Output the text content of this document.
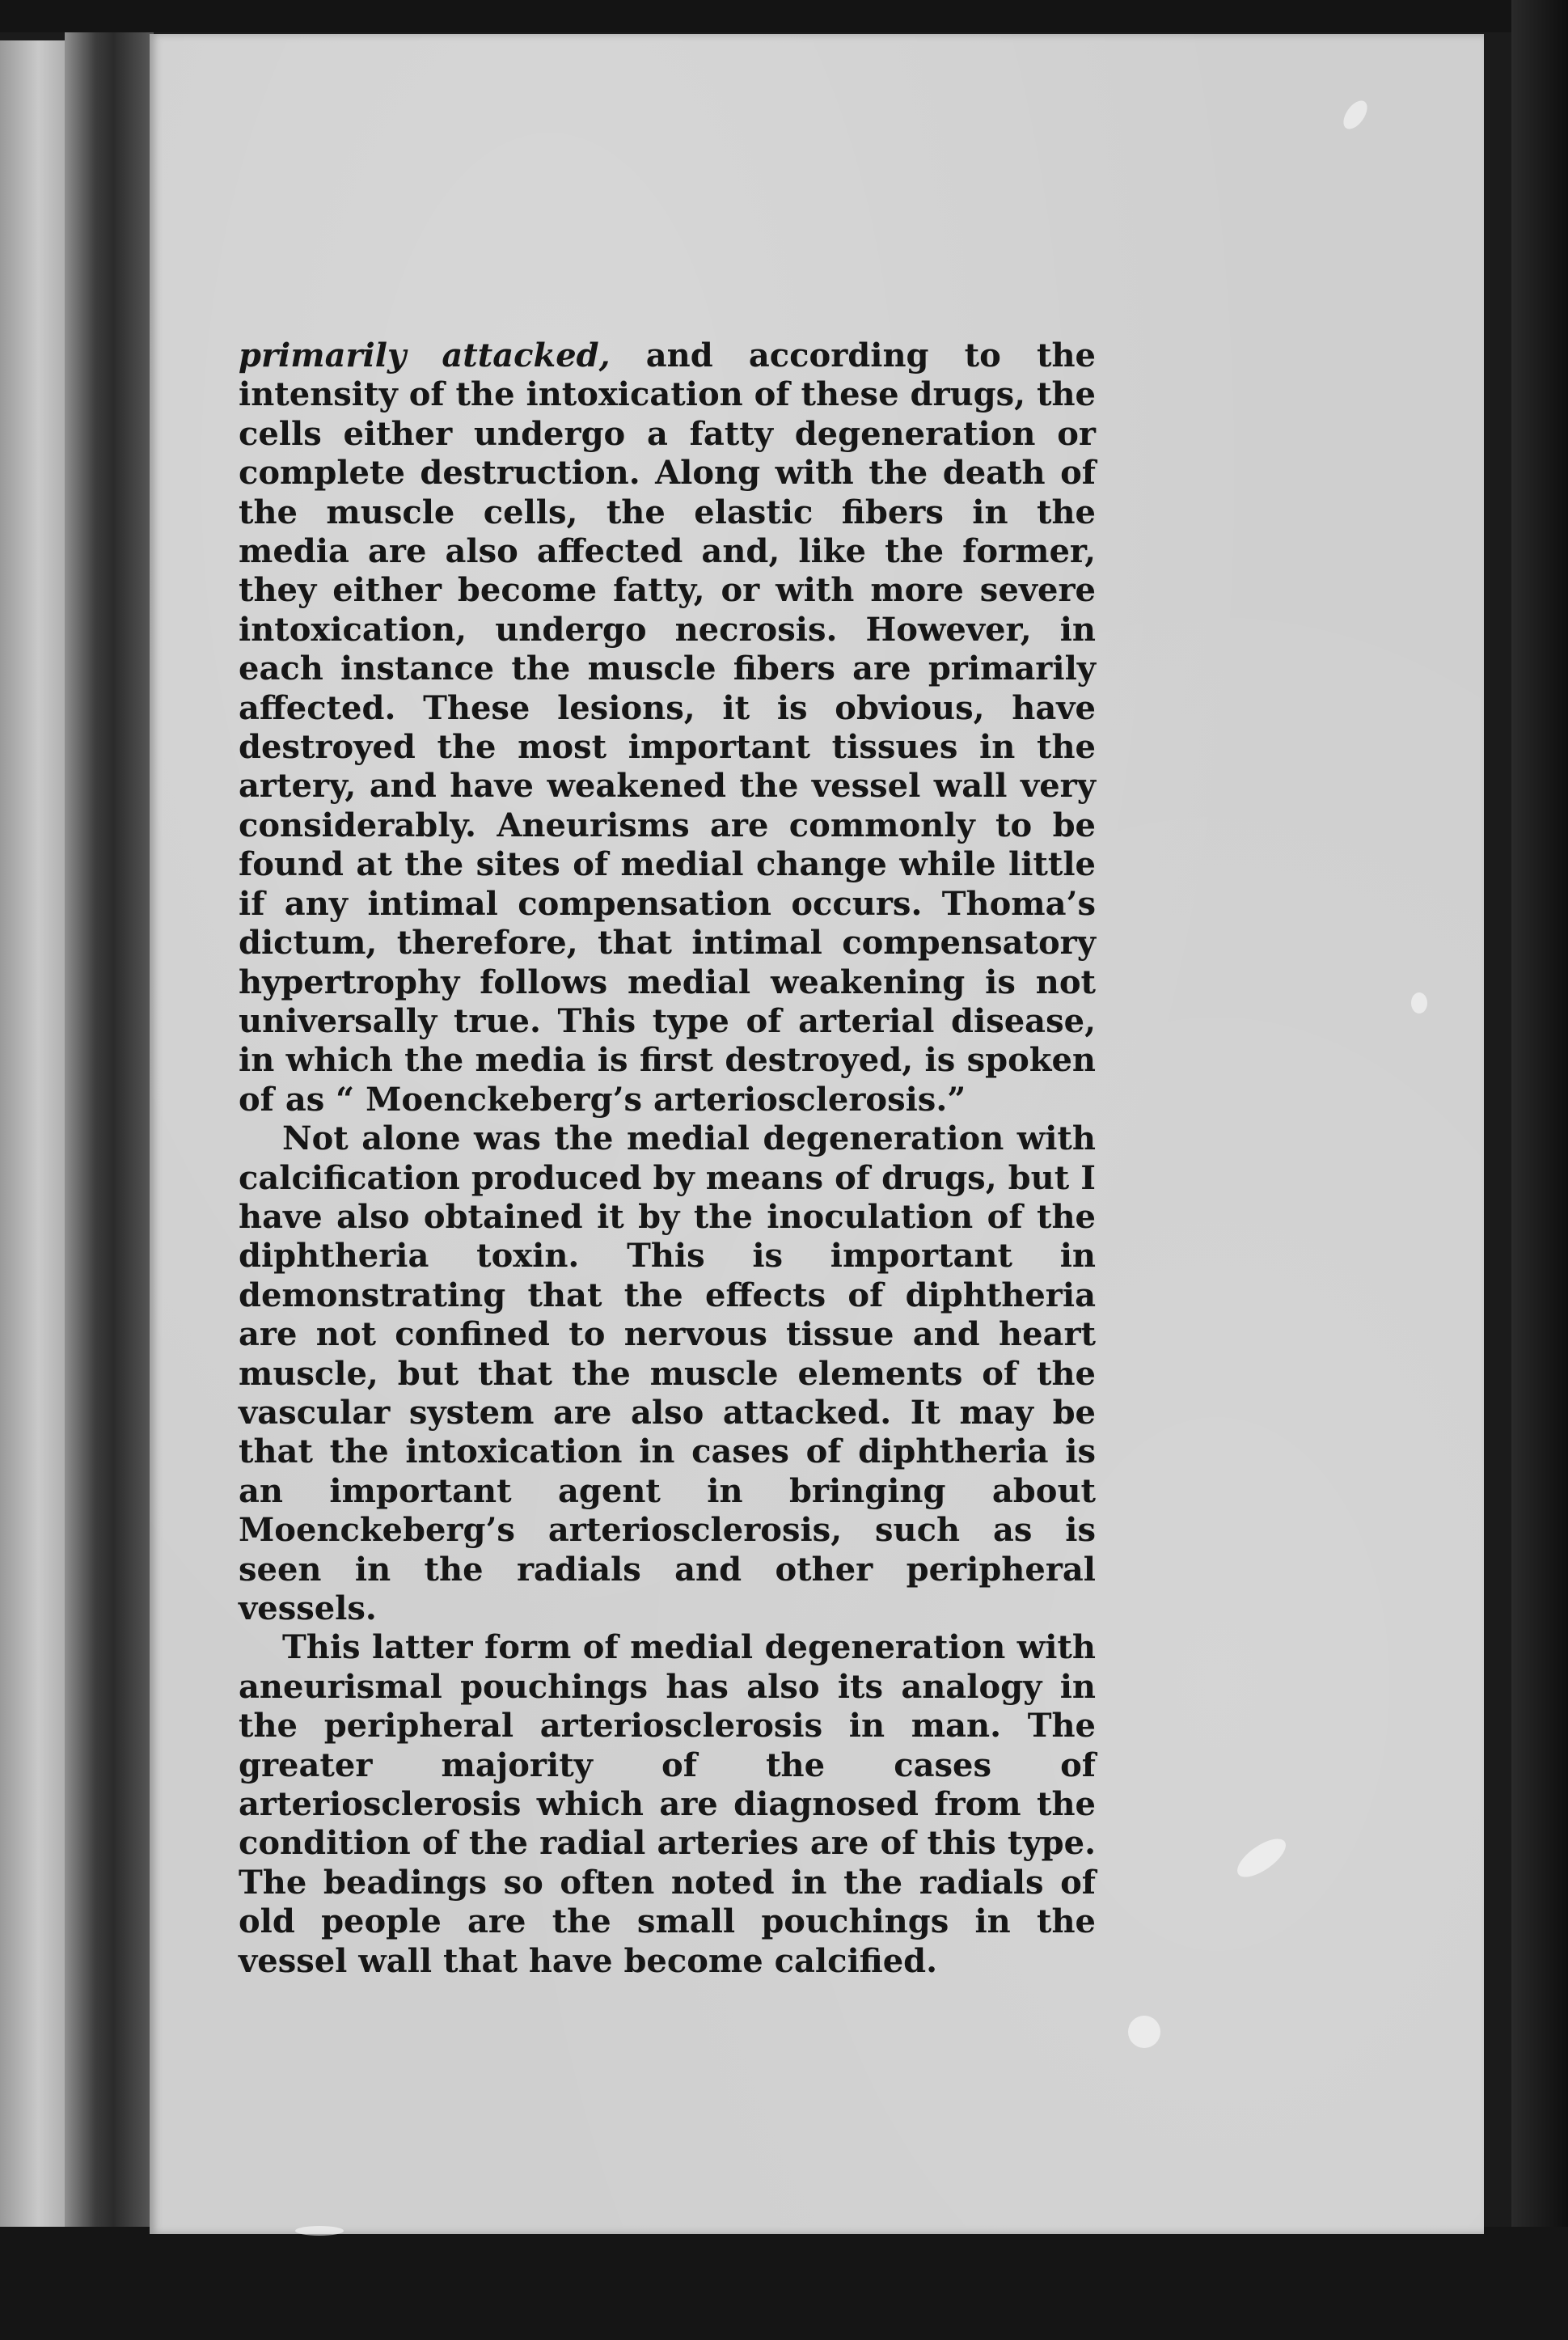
primarily attacked, and according to the intensity of the intoxication of these drugs, the cells either undergo a fatty degeneration or complete destruction. Along with the death of the muscle cells, the elastic fibers in the media are also affected and, like the former, they either become fatty, or with more severe intoxication, undergo necrosis. However, in each instance the muscle fibers are primarily affected. These lesions, it is obvious, have destroyed the most important tissues in the artery, and have weakened the vessel wall very considerably. Aneurisms are commonly to be found at the sites of medial change while little if any intimal compensation occurs. Thoma’s dictum, therefore, that intimal compensatory hypertrophy follows medial weakening is not universally true. This type of arterial disease, in which the media is first destroyed, is spoken of as “ Moenckeberg’s arteriosclerosis.”

Not alone was the medial degeneration with calcification produced by means of drugs, but I have also obtained it by the inoculation of the diphtheria toxin. This is important in demonstrating that the effects of diphtheria are not confined to nervous tissue and heart muscle, but that the muscle elements of the vascular system are also attacked. It may be that the intoxication in cases of diphtheria is an important agent in bringing about Moenckeberg’s arteriosclerosis, such as is seen in the radials and other peripheral vessels.

This latter form of medial degeneration with aneurismal pouchings has also its analogy in the peripheral arteriosclerosis in man. The greater majority of the cases of arteriosclerosis which are diagnosed from the condition of the radial arteries are of this type. The beadings so often noted in the radials of old people are the small pouchings in the vessel wall that have become calcified.
